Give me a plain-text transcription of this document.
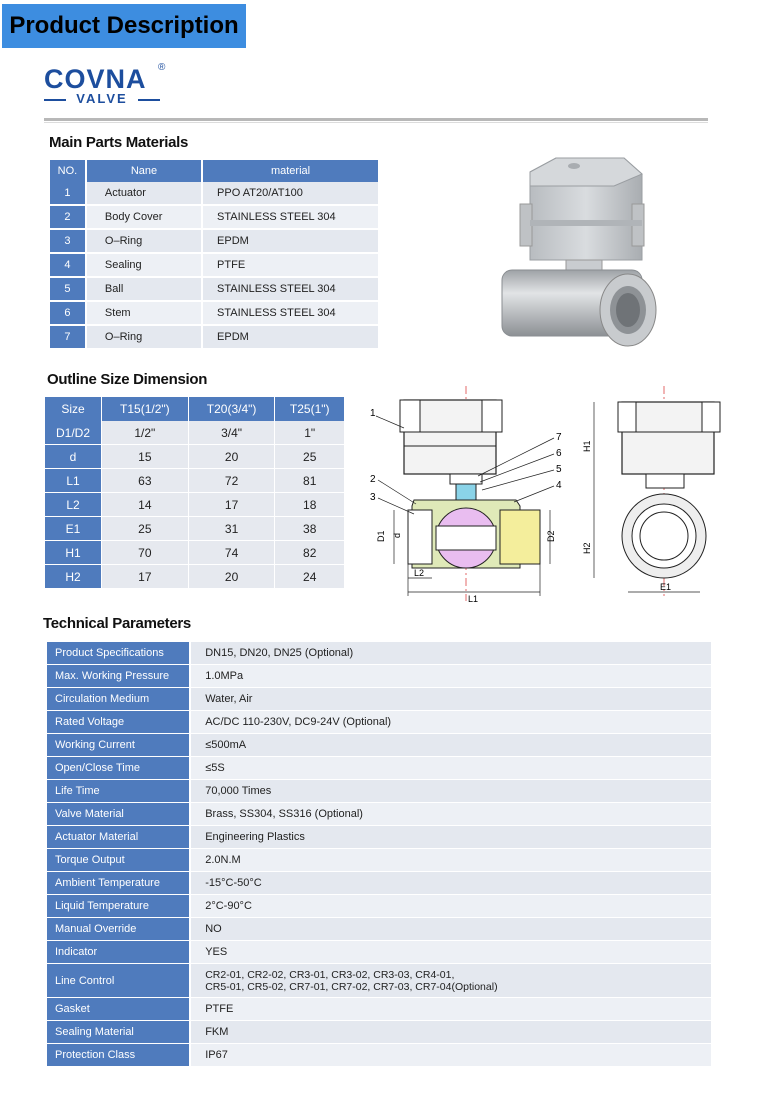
Product Description
COVNA ®
VALVE
Main Parts Materials
NO.	Nane	material
1	Actuator	PPO AT20/AT100
2	Body Cover	STAINLESS STEEL 304
3	O–Ring	EPDM
4	Sealing	PTFE
5	Ball	STAINLESS STEEL 304
6	Stem	STAINLESS STEEL 304
7	O–Ring	EPDM
Outline Size Dimension
Size	T15(1/2")	T20(3/4")	T25(1")
D1/D2	1/2"	3/4"	1"
d	15	20	25
L1	63	72	81
L2	14	17	18
E1	25	31	38
H1	70	74	82
H2	17	20	24
1
2
3
4
5
6
7
D1 d	D2
L2
L1
H1
H2
E1
Technical Parameters
Product Specifications	DN15, DN20, DN25 (Optional)
Max. Working Pressure	1.0MPa
Circulation Medium	Water, Air
Rated Voltage	AC/DC 110-230V, DC9-24V (Optional)
Working Current	≤500mA
Open/Close Time	≤5S
Life Time	70,000 Times
Valve Material	Brass, SS304, SS316 (Optional)
Actuator Material	Engineering Plastics
Torque Output	2.0N.M
Ambient Temperature	-15°C-50°C
Liquid Temperature	2°C-90°C
Manual Override	NO
Indicator	YES
Line Control	CR2-01, CR2-02, CR3-01, CR3-02, CR3-03, CR4-01,
CR5-01, CR5-02, CR7-01, CR7-02, CR7-03, CR7-04(Optional)
Gasket	PTFE
Sealing Material	FKM
Protection Class	IP67
